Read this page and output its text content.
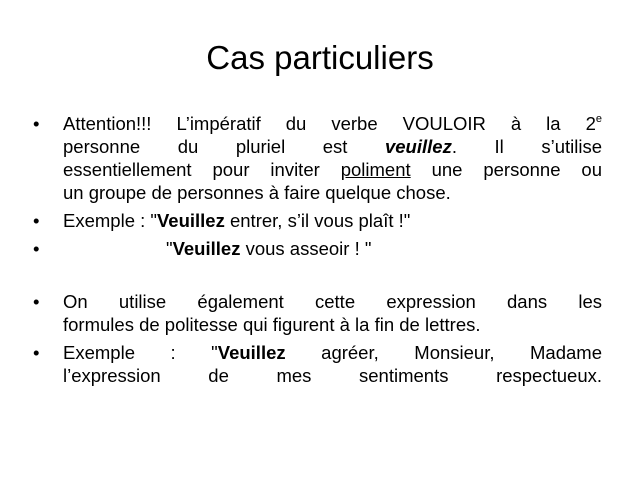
Cas particuliers
•	Attention!!! L’impératif du verbe VOULOIR à la 2e
personne du pluriel est veuillez. Il s’utilise
essentiellement pour inviter poliment une personne ou
un groupe de personnes à faire quelque chose.
•	Exemple : "Veuillez entrer, s’il vous plaît !"
•	"Veuillez vous asseoir ! "
•	On utilise également cette expression dans les
formules de politesse qui figurent à la fin de lettres.
•	Exemple : "Veuillez agréer, Monsieur, Madame
l’expression de mes sentiments respectueux.
